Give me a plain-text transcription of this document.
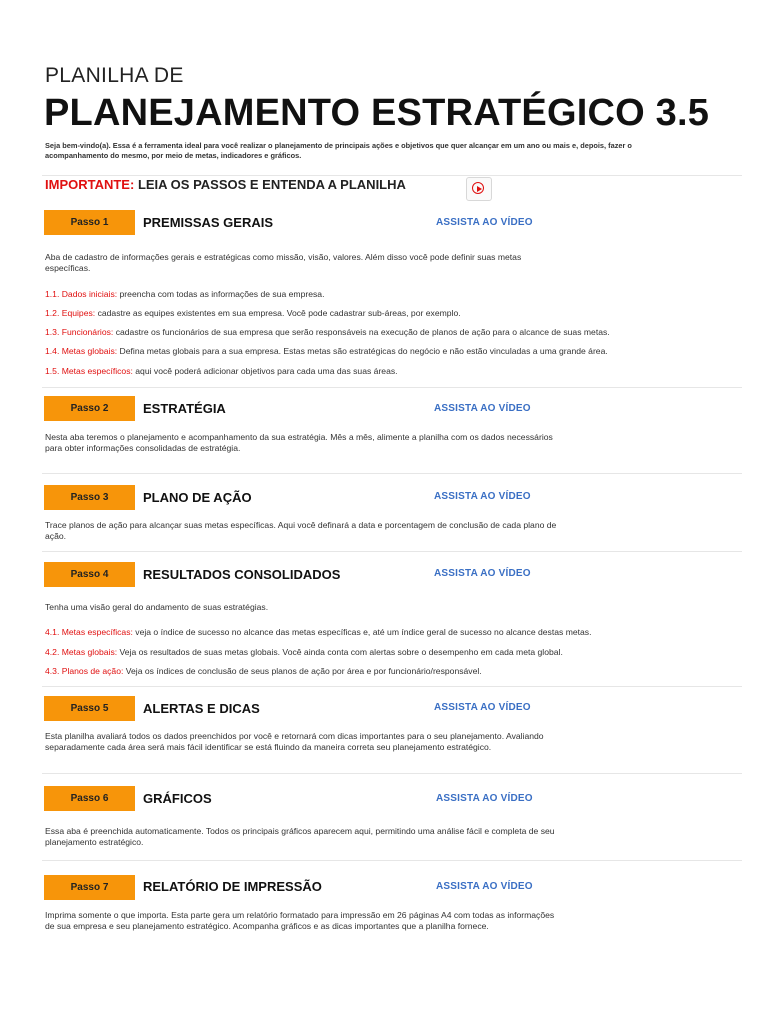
PLANILHA DE
PLANEJAMENTO ESTRATÉGICO 3.5
Seja bem-vindo(a). Essa é a ferramenta ideal para você realizar o planejamento de principais ações e objetivos que quer alcançar em um ano ou mais e, depois, fazer o acompanhamento do mesmo, por meio de metas, indicadores e gráficos.
IMPORTANTE: LEIA OS PASSOS E ENTENDA A PLANILHA
Passo 1	PREMISSAS GERAIS	ASSISTA AO VÍDEO
Aba de cadastro de informações gerais e estratégicas como missão, visão, valores. Além disso você pode definir suas metas específicas.
1.1. Dados iniciais: preencha com todas as informações de sua empresa.
1.2. Equipes: cadastre as equipes existentes em sua empresa. Você pode cadastrar sub-áreas, por exemplo.
1.3. Funcionários: cadastre os funcionários de sua empresa que serão responsáveis na execução de planos de ação para o alcance de suas metas.
1.4. Metas globais: Defina metas globais para a sua empresa. Estas metas são estratégicas do negócio e não estão vinculadas a uma grande área.
1.5. Metas específicos: aqui você poderá adicionar objetivos para cada uma das suas áreas.
Passo 2	ESTRATÉGIA	ASSISTA AO VÍDEO
Nesta aba teremos o planejamento e acompanhamento da sua estratégia. Mês a mês, alimente a planilha com os dados necessários para obter informações consolidadas de estratégia.
Passo 3	PLANO DE AÇÃO	ASSISTA AO VÍDEO
Trace planos de ação para alcançar suas metas específicas. Aqui você definará a data e porcentagem de conclusão de cada plano de ação.
Passo 4	RESULTADOS CONSOLIDADOS	ASSISTA AO VÍDEO
Tenha uma visão geral do andamento de suas estratégias.
4.1. Metas específicas: veja o índice de sucesso no alcance das metas específicas e, até um índice geral de sucesso no alcance destas metas.
4.2. Metas globais: Veja os resultados de suas metas globais. Você ainda conta com alertas sobre o desempenho em cada meta global.
4.3. Planos de ação: Veja os índices de conclusão de seus planos de ação por área e por funcionário/responsável.
Passo 5	ALERTAS E DICAS	ASSISTA AO VÍDEO
Esta planilha avaliará todos os dados preenchidos por você e retornará com dicas importantes para o seu planejamento. Avaliando separadamente cada área será mais fácil identificar se está fluindo da maneira correta seu planejamento estratégico.
Passo 6	GRÁFICOS	ASSISTA AO VÍDEO
Essa aba é preenchida automaticamente. Todos os principais gráficos aparecem aqui, permitindo uma análise fácil e completa de seu planejamento estratégico.
Passo 7	RELATÓRIO DE IMPRESSÃO	ASSISTA AO VÍDEO
Imprima somente o que importa. Esta parte gera um relatório formatado para impressão em 26 páginas A4 com todas as informações de sua empresa e seu planejamento estratégico. Acompanha gráficos e as dicas importantes que a planilha fornece.
